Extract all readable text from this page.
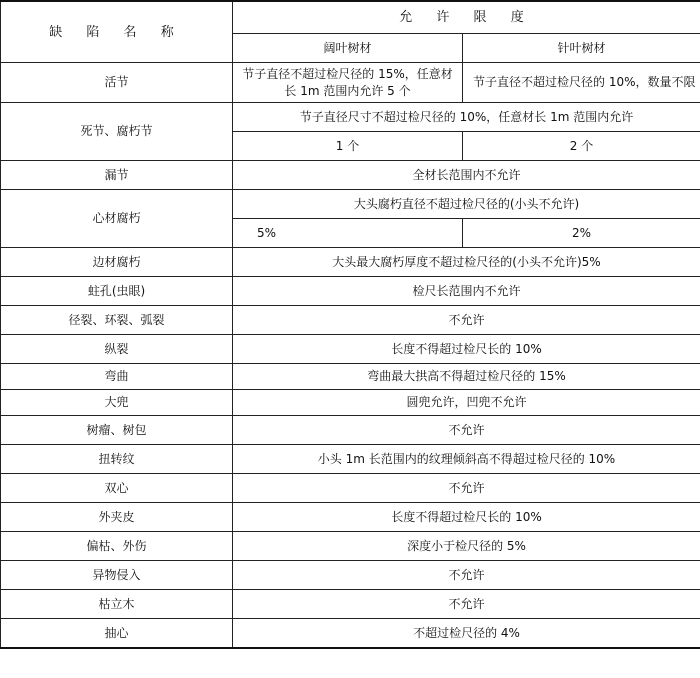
缺 陷 名 称	允 许 限 度	
	阔叶树材	针叶树材
活节	节子直径不超过检尺径的 15%，任意材长 1m 范围内允许 5 个	节子直径不超过检尺径的 10%，数量不限
死节、腐朽节	节子直径尺寸不超过检尺径的 10%，任意材长 1m 范围内允许	
	1 个	2 个
漏节	全材长范围内不允许	
心材腐朽	大头腐朽直径不超过检尺径的(小头不允许)	
	5%	2%
边材腐朽	大头最大腐朽厚度不超过检尺径的(小头不允许)5%	
蛀孔(虫眼)	检尺长范围内不允许	
径裂、环裂、弧裂	不允许	
纵裂	长度不得超过检尺长的 10%	
弯曲	弯曲最大拱高不得超过检尺径的 15%	
大兜	圆兜允许，凹兜不允许	
树瘤、树包	不允许	
扭转纹	小头 1m 长范围内的纹理倾斜高不得超过检尺径的 10%	
双心	不允许	
外夹皮	长度不得超过检尺长的 10%	
偏枯、外伤	深度小于检尺径的 5%	
异物侵入	不允许	
枯立木	不允许	
抽心	不超过检尺径的 4%	
